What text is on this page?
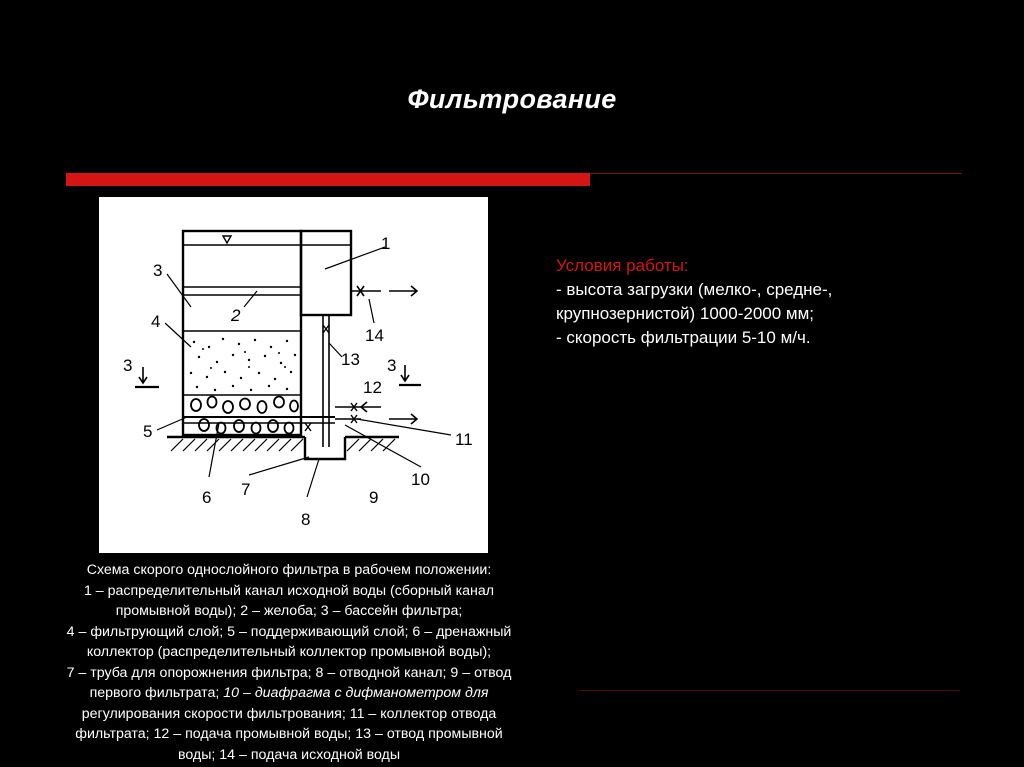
Фильтрование
1
2
3
3	3
4
5
6 7
8
9
10
11
12
13
14
Условия работы:
- высота загрузки (мелко-, средне-,
крупнозернистой) 1000-2000 мм;
- скорость фильтрации 5-10 м/ч.
Схема скорого однослойного фильтра в рабочем положении:
1 – распределительный канал исходной воды (сборный канал
промывной воды); 2 – желоба; 3 – бассейн фильтра;
4 – фильтрующий слой; 5 – поддерживающий слой; 6 – дренажный
коллектор (распределительный коллектор промывной воды);
7 – труба для опорожнения фильтра; 8 – отводной канал; 9 – отвод
первого фильтрата; 10 – диафрагма с дифманометром для
регулирования скорости фильтрования; 11 – коллектор отвода
фильтрата; 12 – подача промывной воды; 13 – отвод промывной
воды; 14 – подача исходной воды
